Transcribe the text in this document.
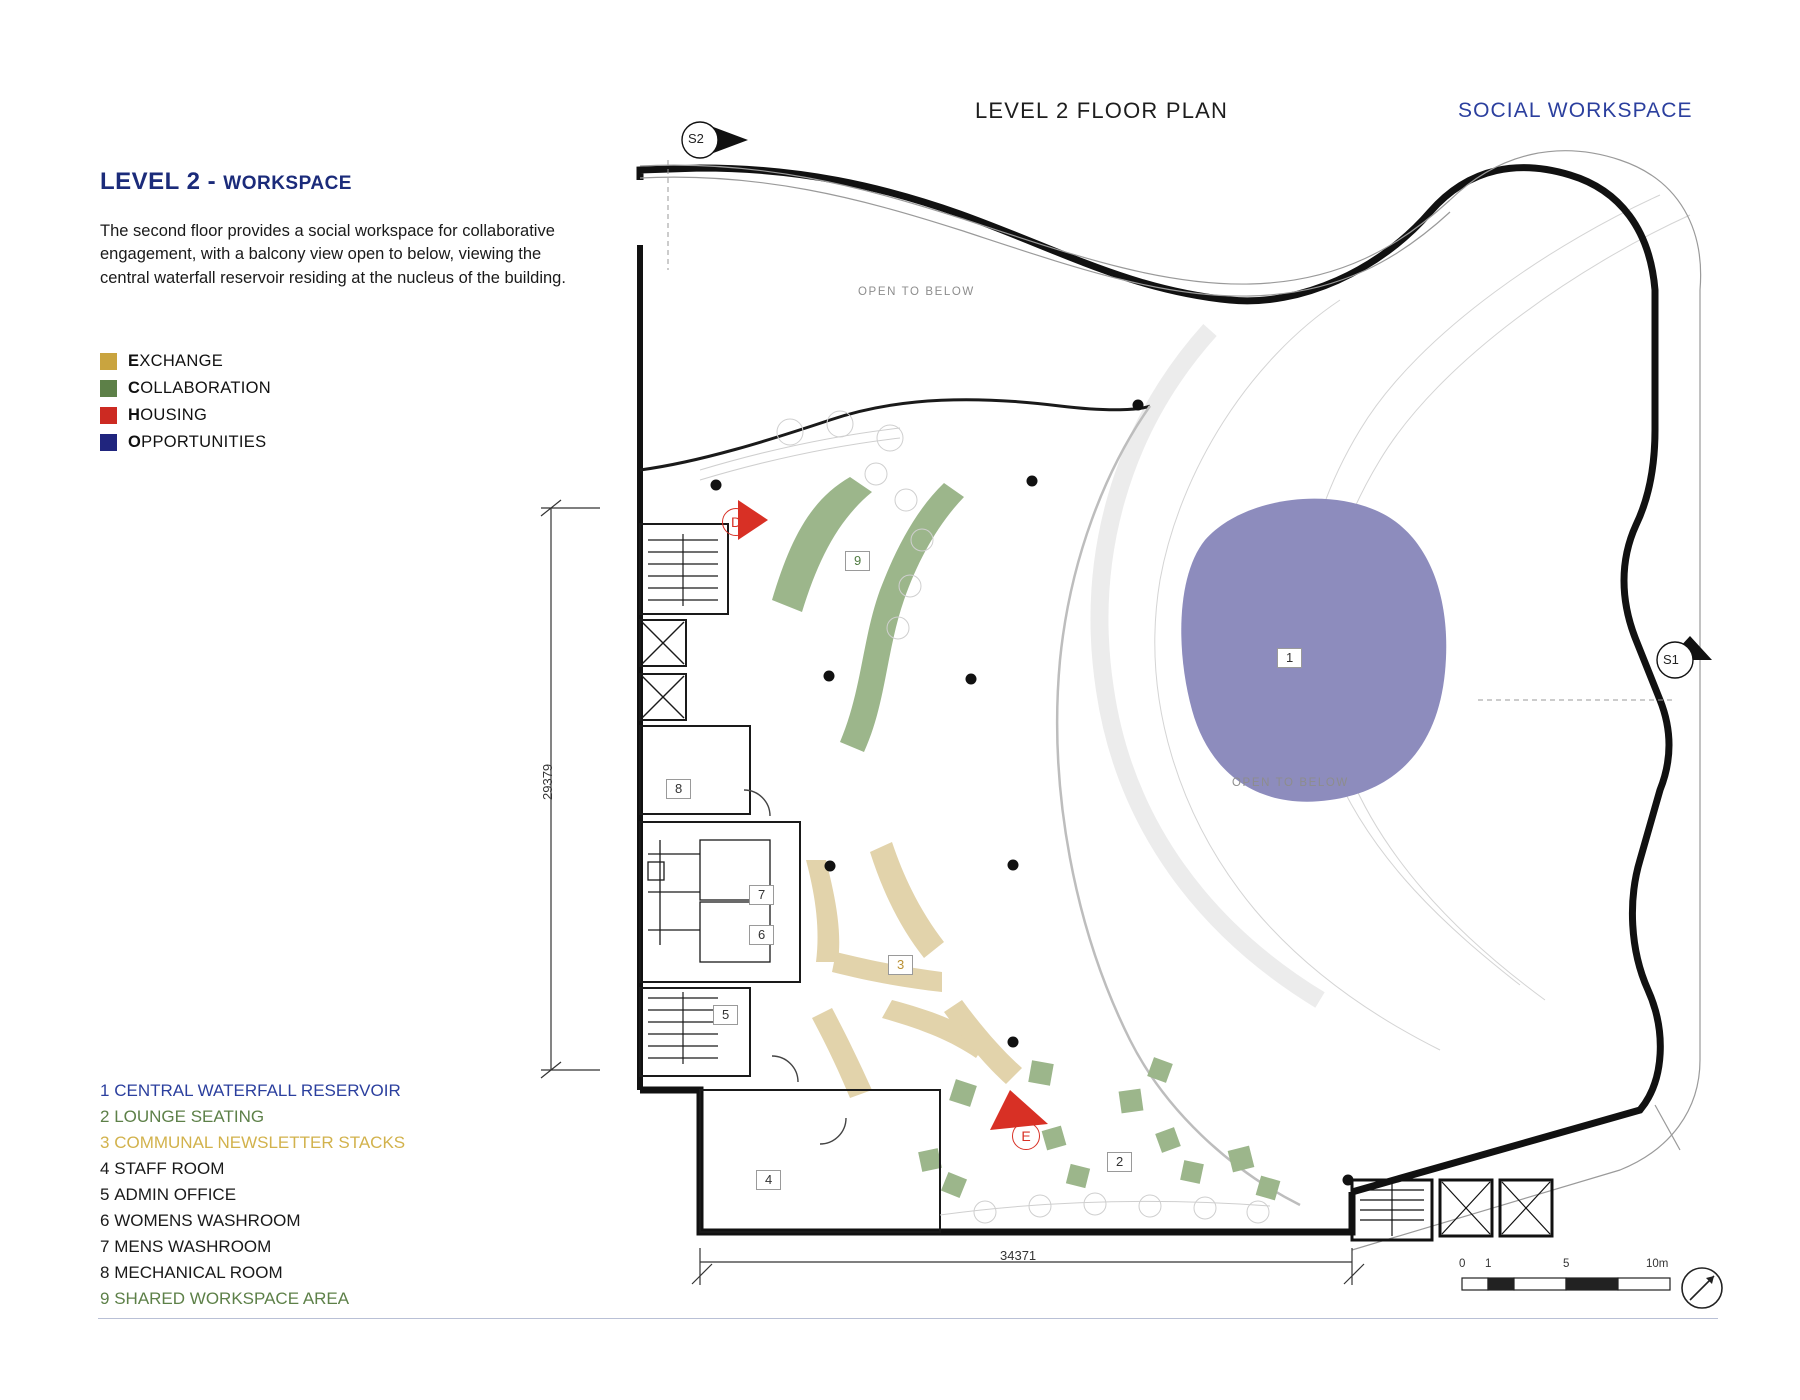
LEVEL 2 - WORKSPACE
The second floor provides a social workspace for collaborative engagement, with a balcony view open to below, viewing the central waterfall reservoir residing at the nucleus of the building.
EXCHANGE
COLLABORATION
HOUSING
OPPORTUNITIES
1 CENTRAL WATERFALL RESERVOIR
2 LOUNGE SEATING
3 COMMUNAL NEWSLETTER STACKS
4 STAFF ROOM
5 ADMIN OFFICE
6 WOMENS WASHROOM
7 MENS WASHROOM
8 MECHANICAL ROOM
9 SHARED WORKSPACE AREA
LEVEL 2 FLOOR PLAN	SOCIAL WORKSPACE
OPEN TO BELOW
OPEN TO BELOW
9
8
7
6
5
4
3
2
1
29379
34371
D
E
S2
S1
0 1	5	10m
